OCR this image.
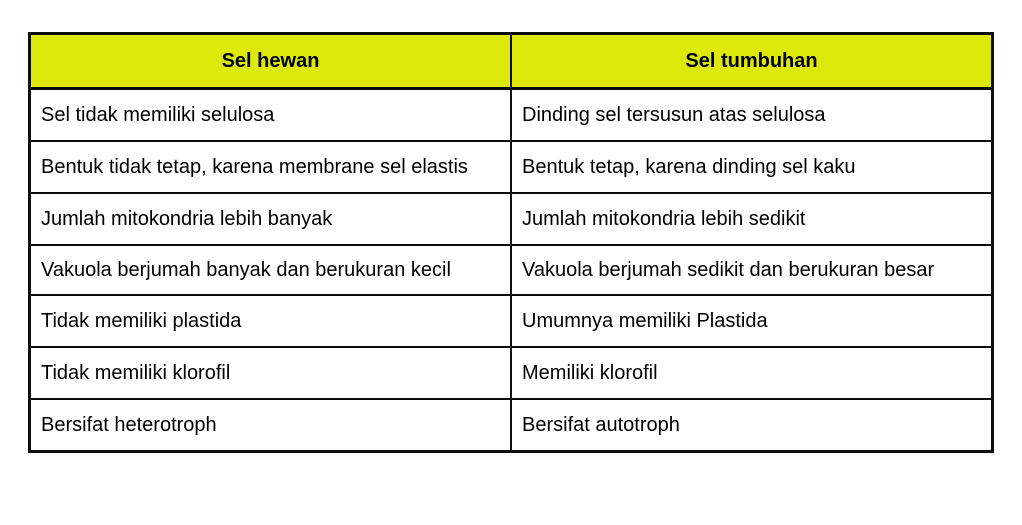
Sel hewan	Sel tumbuhan
Sel tidak memiliki selulosa	Dinding sel tersusun atas selulosa
Bentuk tidak tetap, karena membrane sel elastis	Bentuk tetap, karena dinding sel kaku
Jumlah mitokondria lebih banyak	Jumlah mitokondria lebih sedikit
Vakuola berjumah banyak dan berukuran kecil	Vakuola berjumah sedikit dan berukuran besar
Tidak memiliki plastida	Umumnya memiliki Plastida
Tidak memiliki klorofil	Memiliki klorofil
Bersifat heterotroph	Bersifat autotroph
